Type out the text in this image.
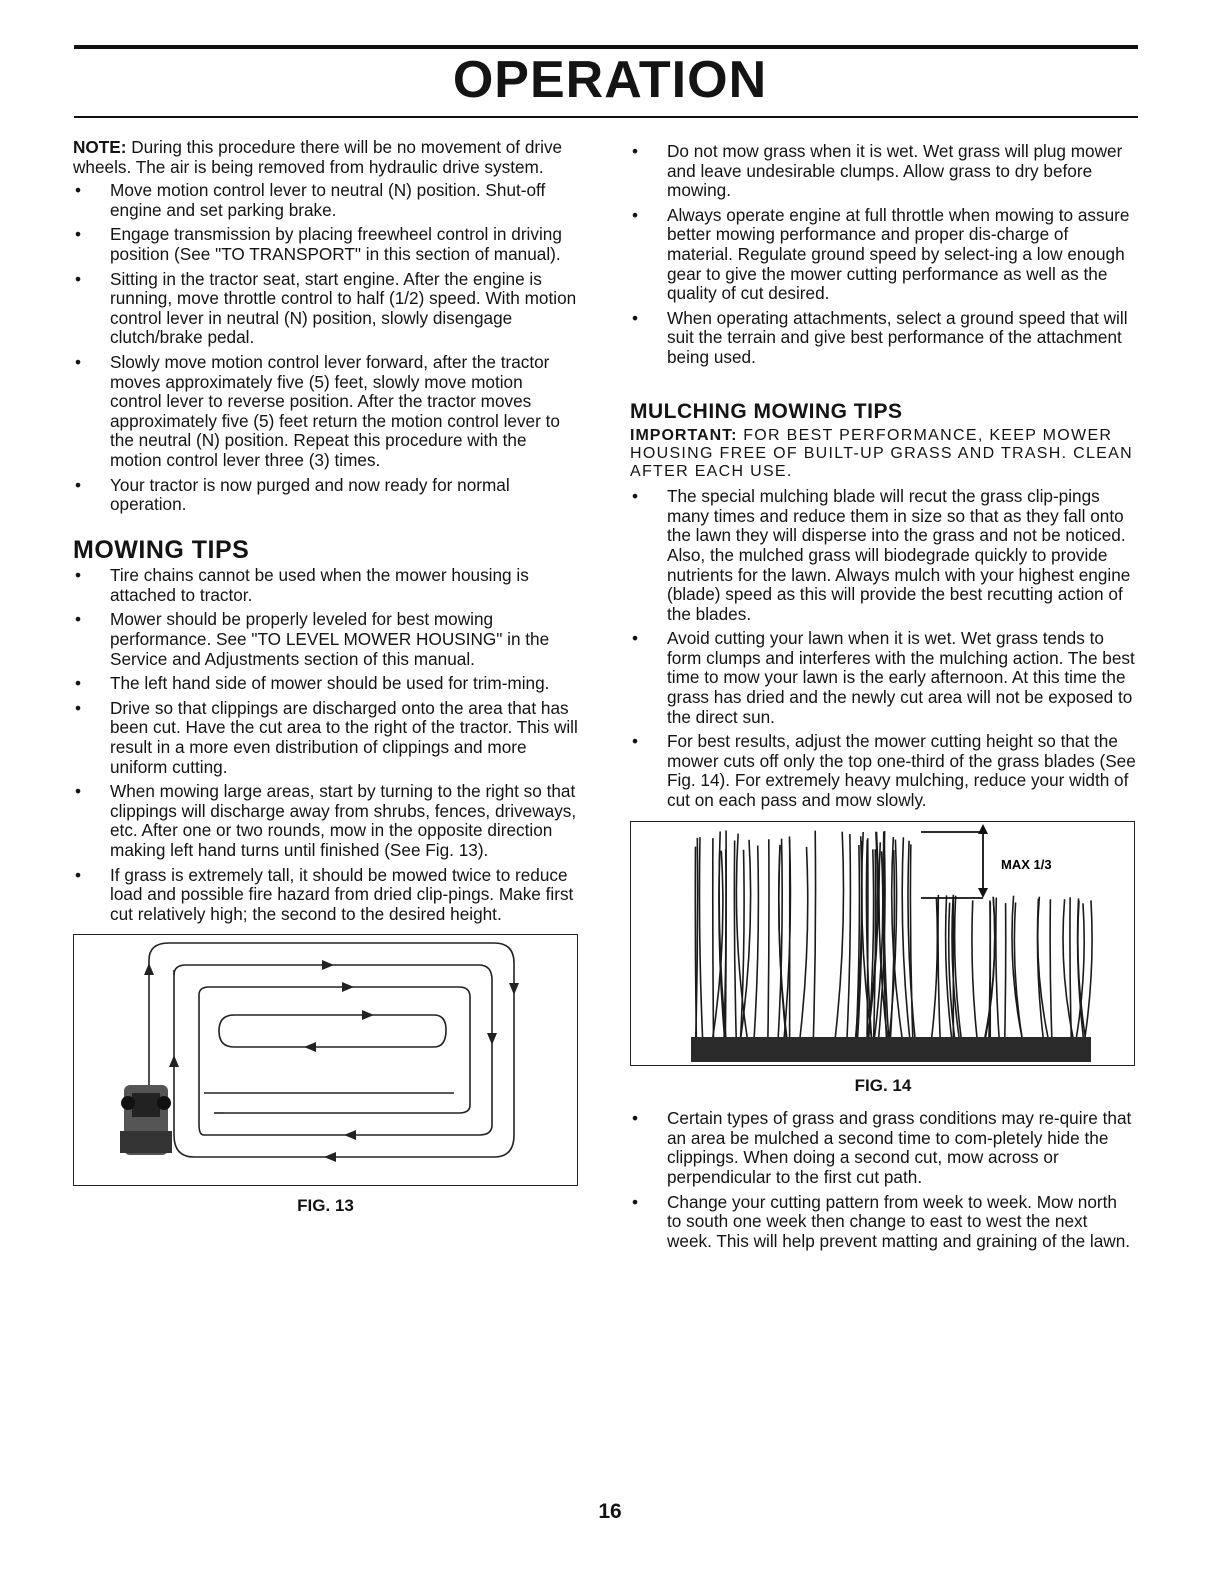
OPERATION

NOTE: During this procedure there will be no movement of drive wheels. The air is being removed from hydraulic drive system.

• Move motion control lever to neutral (N) position. Shut-off engine and set parking brake.
• Engage transmission by placing freewheel control in driving position (See "TO TRANSPORT" in this section of manual).
• Sitting in the tractor seat, start engine. After the engine is running, move throttle control to half (1/2) speed. With motion control lever in neutral (N) position, slowly disengage clutch/brake pedal.
• Slowly move motion control lever forward, after the tractor moves approximately five (5) feet, slowly move motion control lever to reverse position. After the tractor moves approximately five (5) feet return the motion control lever to the neutral (N) position. Repeat this procedure with the motion control lever three (3) times.
• Your tractor is now purged and now ready for normal operation.
MOWING TIPS
• Tire chains cannot be used when the mower housing is attached to tractor.
• Mower should be properly leveled for best mowing performance. See "TO LEVEL MOWER HOUSING" in the Service and Adjustments section of this manual.
• The left hand side of mower should be used for trim-ming.
• Drive so that clippings are discharged onto the area that has been cut. Have the cut area to the right of the tractor. This will result in a more even distribution of clippings and more uniform cutting.
• When mowing large areas, start by turning to the right so that clippings will discharge away from shrubs, fences, driveways, etc. After one or two rounds, mow in the opposite direction making left hand turns until finished (See Fig. 13).
• If grass is extremely tall, it should be mowed twice to reduce load and possible fire hazard from dried clip-pings. Make first cut relatively high; the second to the desired height.
FIG. 13
• Do not mow grass when it is wet. Wet grass will plug mower and leave undesirable clumps. Allow grass to dry before mowing.
• Always operate engine at full throttle when mowing to assure better mowing performance and proper dis-charge of material. Regulate ground speed by select-ing a low enough gear to give the mower cutting performance as well as the quality of cut desired.
• When operating attachments, select a ground speed that will suit the terrain and give best performance of the attachment being used.
MULCHING MOWING TIPS

IMPORTANT: FOR BEST PERFORMANCE, KEEP MOWER HOUSING FREE OF BUILT-UP GRASS AND TRASH. CLEAN AFTER EACH USE.

• The special mulching blade will recut the grass clip-pings many times and reduce them in size so that as they fall onto the lawn they will disperse into the grass and not be noticed. Also, the mulched grass will biodegrade quickly to provide nutrients for the lawn. Always mulch with your highest engine (blade) speed as this will provide the best recutting action of the blades.
• Avoid cutting your lawn when it is wet. Wet grass tends to form clumps and interferes with the mulching action. The best time to mow your lawn is the early afternoon. At this time the grass has dried and the newly cut area will not be exposed to the direct sun.
• For best results, adjust the mower cutting height so that the mower cuts off only the top one-third of the grass blades (See Fig. 14). For extremely heavy mulching, reduce your width of cut on each pass and mow slowly.
MAX 1/3
FIG. 14
• Certain types of grass and grass conditions may re-quire that an area be mulched a second time to com-pletely hide the clippings. When doing a second cut, mow across or perpendicular to the first cut path.
• Change your cutting pattern from week to week. Mow north to south one week then change to east to west the next week. This will help prevent matting and graining of the lawn.
16
